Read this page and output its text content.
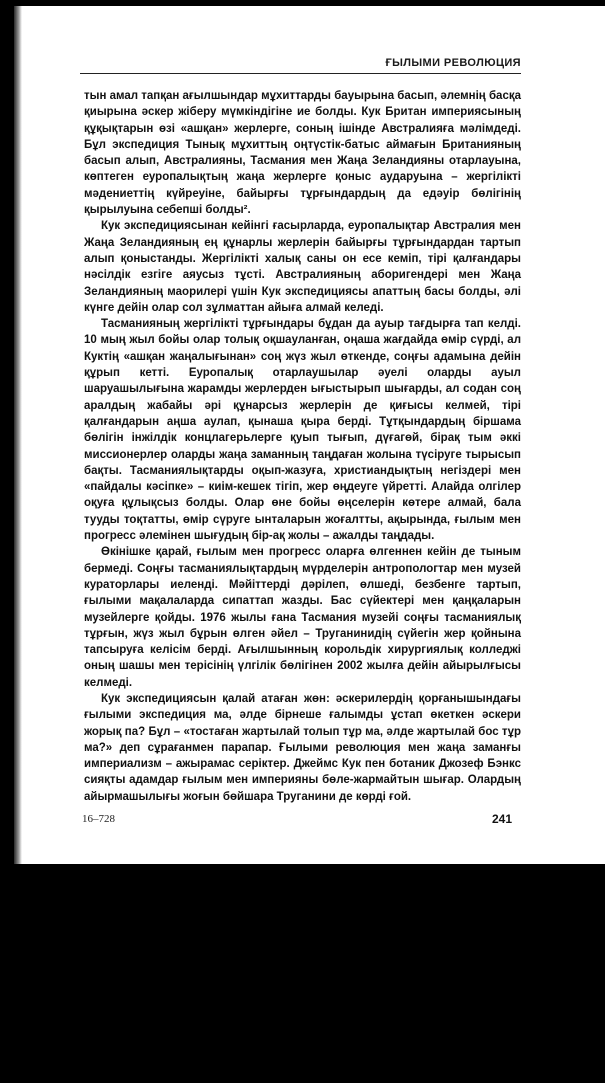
ҒЫЛЫМИ РЕВОЛЮЦИЯ

тын амал тапқан ағылшындар мұхиттарды бауырына басып, әлемнің басқа қиырына әскер жіберу мүмкіндігіне ие болды. Кук Британ империясының құқықтарын өзі «ашқан» жерлерге, соның ішінде Австралияға мәлімдеді. Бұл экспедиция Тынық мұхиттың оңтүстік-батыс аймағын Британияның басып алып, Австралияны, Тасмания мен Жаңа Зеландияны отарлауына, көптеген еуропалықтың жаңа жерлерге қоныс аударуына – жергілікті мәдениеттің күйреуіне, байырғы тұрғындардың да едәуір бөлігінің қырылуына себепші болды².

Кук экспедициясынан кейінгі ғасырларда, еуропалықтар Австралия мен Жаңа Зеландияның ең құнарлы жерлерін байырғы тұрғындардан тартып алып қоныстанды. Жергілікті халық саны он есе кеміп, тірі қалғандары нәсілдік езгіге аяусыз тұсті. Австралияның аборигендері мен Жаңа Зеландияның маорилері үшін Кук экспедициясы апаттың басы болды, әлі күнге дейін олар сол зұлматтан айыға алмай келеді.

Тасманияның жергілікті тұрғындары бұдан да ауыр тағдырға тап келді. 10 мың жыл бойы олар толық оқшауланған, оңаша жағдайда өмір сүрді, ал Куктің «ашқан жаңалығынан» соң жүз жыл өткенде, соңғы адамына дейін құрып кетті. Еуропалық отарлаушылар әуелі оларды ауыл шаруашылығына жарамды жерлерден ығыстырып шығарды, ал содан соң аралдың жабайы әрі құнарсыз жерлерін де қиғысы келмей, тірі қалғандарын аңша аулап, қынаша қыра берді. Тұтқындардың біршама бөлігін інжілдік концлагерьлерге қуып тығып, дүғагөй, бірақ тым әккі миссионерлер оларды жаңа заманның таңдаған жолына түсіруге тырысып бақты. Тасманиялықтарды оқып-жазуға, христиандықтың негіздері мен «пайдалы кәсіпке» – киім-кешек тігіп, жер өңдеуге үйретті. Алайда олгілер оқуға құлықсыз болды. Олар өне бойы өңселерін көтере алмай, бала тууды тоқтатты, өмір сүруге ынталарын жоғалтты, ақырында, ғылым мен прогресс әлемінен шығудың бір-ақ жолы – ажалды таңдады.

Өкінішке қарай, ғылым мен прогресс оларға өлгеннен кейін де тыным бермеді. Соңғы тасманиялықтардың мүрделерін антропологтар мен музей кураторлары иеленді. Мәйіттерді дәрілеп, өлшеді, безбенге тартып, ғылыми мақалаларда сипаттап жазды. Бас сүйектері мен қаңқаларын музейлерге қойды. 1976 жылы ғана Тасмания музейі соңғы тасманиялық тұрғын, жүз жыл бұрын өлген әйел – Труганинидің сүйегін жер қойнына тапсыруға келісім берді. Ағылшынның корольдік хирургиялық колледжі оның шашы мен терісінің үлгілік бөлігінен 2002 жылға дейін айырылғысы келмеді.

Кук экспедициясын қалай атаған жөн: әскерилердің қорғанышындағы ғылыми экспедиция ма, әлде бірнеше ғалымды ұстап өкеткен әскери жорық па? Бұл – «тостаған жартылай толып тұр ма, әлде жартылай бос тұр ма?» деп сұрағанмен парапар. Ғылыми революция мен жаңа заманғы империализм – ажырамас серіктер. Джеймс Кук пен ботаник Джозеф Бэнкс сияқты адамдар ғылым мен империяны бөле-жармайтын шығар. Олардың айырмашылығы жоғын бөйшара Труганини де көрді ғой.

16–728	241
